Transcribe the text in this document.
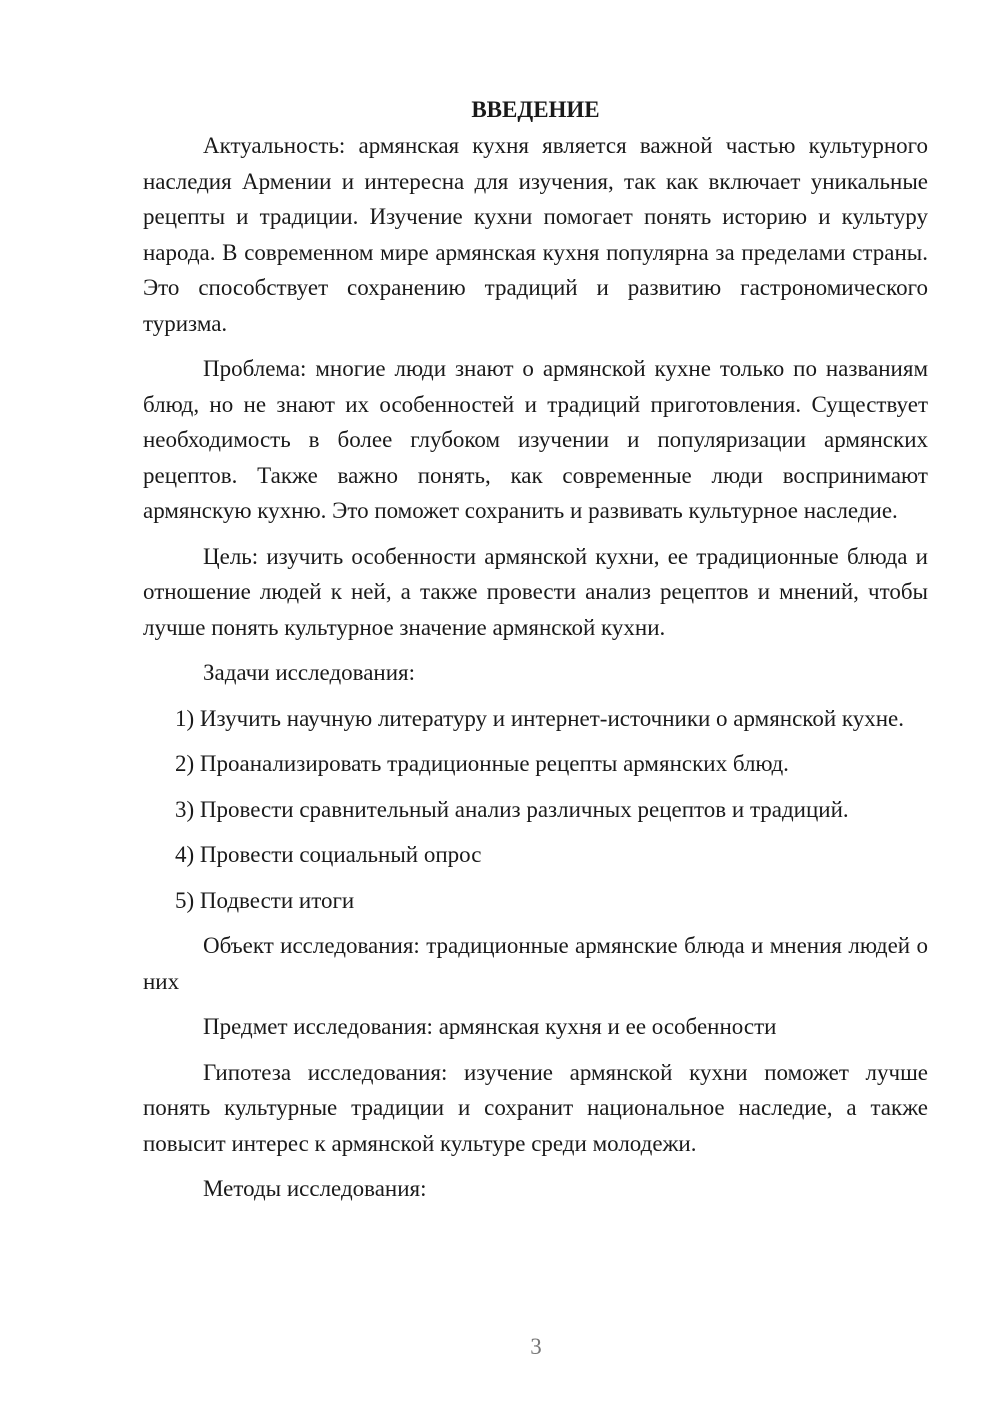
ВВЕДЕНИЕ

Актуальность: армянская кухня является важной частью культурного наследия Армении и интересна для изучения, так как включает уникальные рецепты и традиции. Изучение кухни помогает понять историю и культуру народа. В современном мире армянская кухня популярна за пределами страны. Это способствует сохранению традиций и развитию гастрономического туризма.

Проблема: многие люди знают о армянской кухне только по названиям блюд, но не знают их особенностей и традиций приготовления. Существует необходимость в более глубоком изучении и популяризации армянских рецептов. Также важно понять, как современные люди воспринимают армянскую кухню. Это поможет сохранить и развивать культурное наследие.

Цель: изучить особенности армянской кухни, ее традиционные блюда и отношение людей к ней, а также провести анализ рецептов и мнений, чтобы лучше понять культурное значение армянской кухни.

Задачи исследования:

1) Изучить научную литературу и интернет-источники о армянской кухне.

2) Проанализировать традиционные рецепты армянских блюд.

3) Провести сравнительный анализ различных рецептов и традиций.

4) Провести социальный опрос

5) Подвести итоги

Объект исследования: традиционные армянские блюда и мнения людей о них

Предмет исследования: армянская кухня и ее особенности

Гипотеза исследования: изучение армянской кухни поможет лучше понять культурные традиции и сохранит национальное наследие, а также повысит интерес к армянской культуре среди молодежи.

Методы исследования:

3
